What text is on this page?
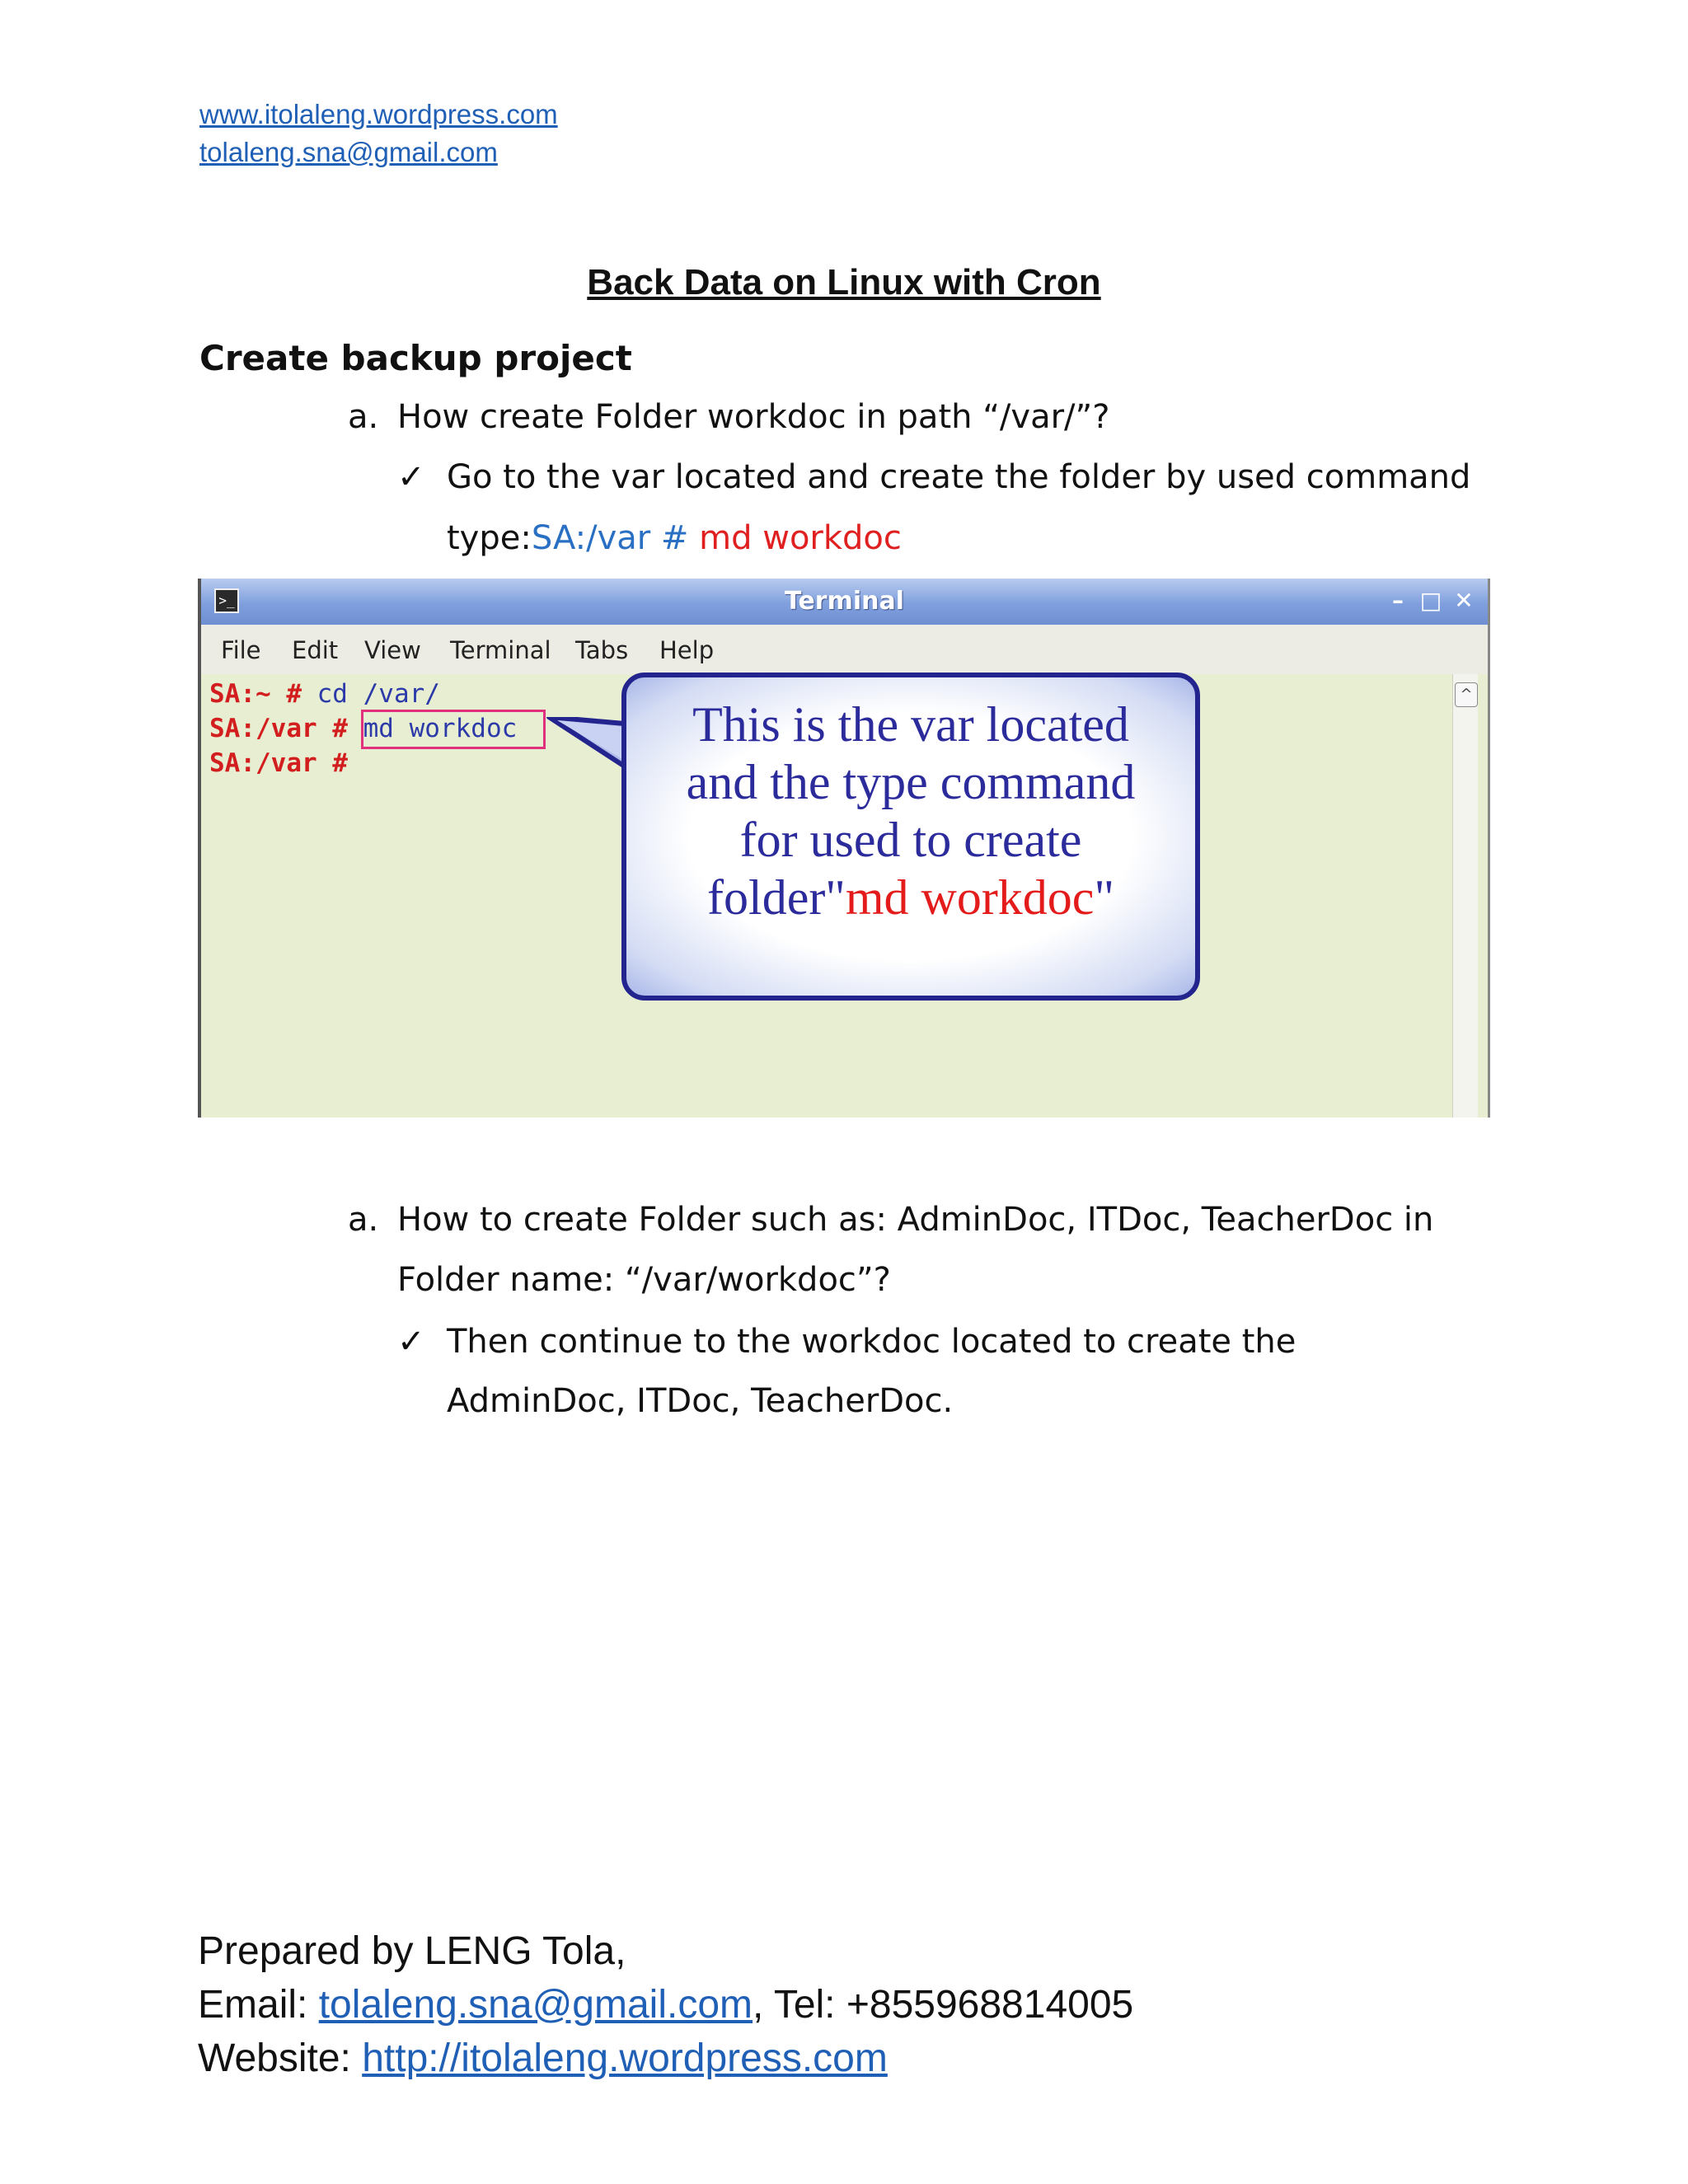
www.itolaleng.wordpress.com
tolaleng.sna@gmail.com
Back Data on Linux with Cron
Create backup project
a. How create Folder workdoc in path “/var/”?
✓ Go to the var located and create the folder by used command
type:SA:/var # md workdoc
>_	Terminal	– □ ✕
File Edit View Terminal Tabs Help
SA:~ # cd /var/
SA:/var # md workdoc
SA:/var #
^
This is the var located
and the type command
for used to create
folder"md workdoc"
a. How to create Folder such as: AdminDoc, ITDoc, TeacherDoc in
Folder name: “/var/workdoc”?
✓ Then continue to the workdoc located to create the
AdminDoc, ITDoc, TeacherDoc.
Prepared by LENG Tola,
Email: tolaleng.sna@gmail.com, Tel: +855968814005
Website: http://itolaleng.wordpress.com
